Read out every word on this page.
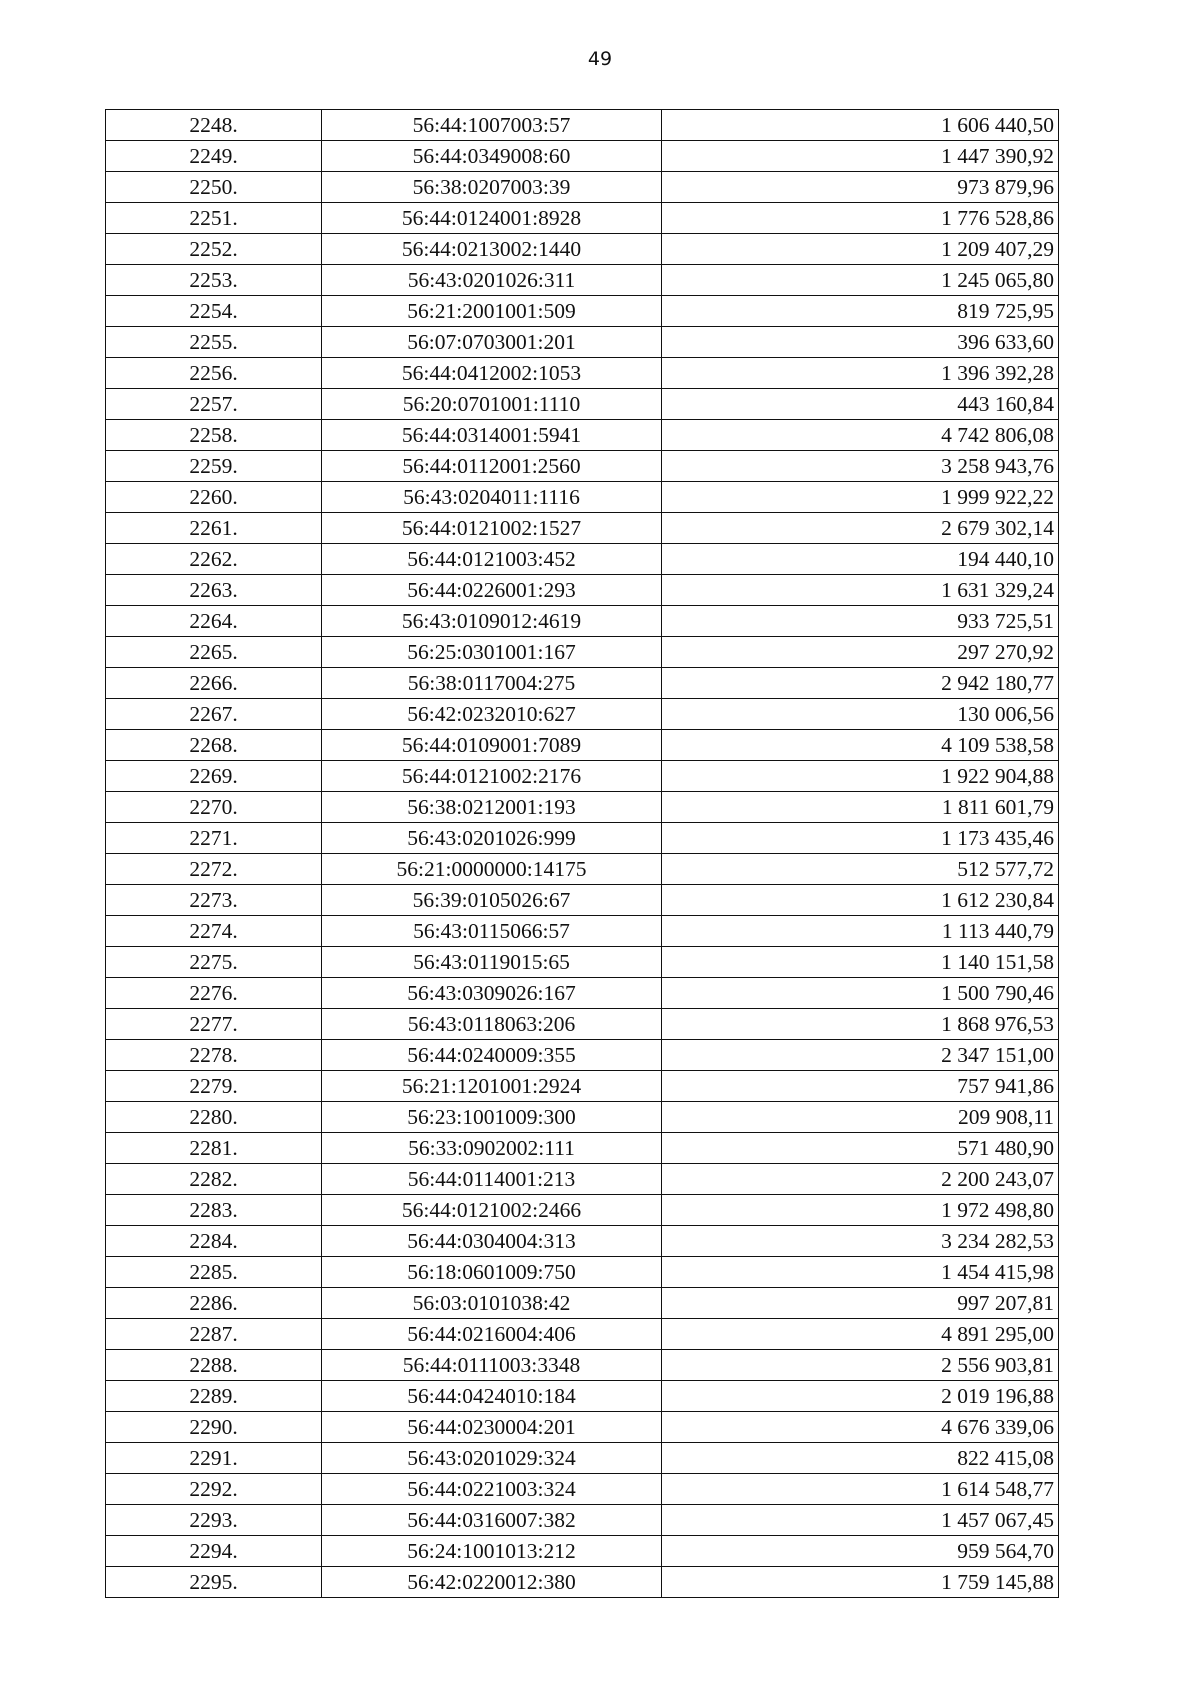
49
2248.	56:44:1007003:57	1 606 440,50
2249.	56:44:0349008:60	1 447 390,92
2250.	56:38:0207003:39	973 879,96
2251.	56:44:0124001:8928	1 776 528,86
2252.	56:44:0213002:1440	1 209 407,29
2253.	56:43:0201026:311	1 245 065,80
2254.	56:21:2001001:509	819 725,95
2255.	56:07:0703001:201	396 633,60
2256.	56:44:0412002:1053	1 396 392,28
2257.	56:20:0701001:1110	443 160,84
2258.	56:44:0314001:5941	4 742 806,08
2259.	56:44:0112001:2560	3 258 943,76
2260.	56:43:0204011:1116	1 999 922,22
2261.	56:44:0121002:1527	2 679 302,14
2262.	56:44:0121003:452	194 440,10
2263.	56:44:0226001:293	1 631 329,24
2264.	56:43:0109012:4619	933 725,51
2265.	56:25:0301001:167	297 270,92
2266.	56:38:0117004:275	2 942 180,77
2267.	56:42:0232010:627	130 006,56
2268.	56:44:0109001:7089	4 109 538,58
2269.	56:44:0121002:2176	1 922 904,88
2270.	56:38:0212001:193	1 811 601,79
2271.	56:43:0201026:999	1 173 435,46
2272.	56:21:0000000:14175	512 577,72
2273.	56:39:0105026:67	1 612 230,84
2274.	56:43:0115066:57	1 113 440,79
2275.	56:43:0119015:65	1 140 151,58
2276.	56:43:0309026:167	1 500 790,46
2277.	56:43:0118063:206	1 868 976,53
2278.	56:44:0240009:355	2 347 151,00
2279.	56:21:1201001:2924	757 941,86
2280.	56:23:1001009:300	209 908,11
2281.	56:33:0902002:111	571 480,90
2282.	56:44:0114001:213	2 200 243,07
2283.	56:44:0121002:2466	1 972 498,80
2284.	56:44:0304004:313	3 234 282,53
2285.	56:18:0601009:750	1 454 415,98
2286.	56:03:0101038:42	997 207,81
2287.	56:44:0216004:406	4 891 295,00
2288.	56:44:0111003:3348	2 556 903,81
2289.	56:44:0424010:184	2 019 196,88
2290.	56:44:0230004:201	4 676 339,06
2291.	56:43:0201029:324	822 415,08
2292.	56:44:0221003:324	1 614 548,77
2293.	56:44:0316007:382	1 457 067,45
2294.	56:24:1001013:212	959 564,70
2295.	56:42:0220012:380	1 759 145,88
